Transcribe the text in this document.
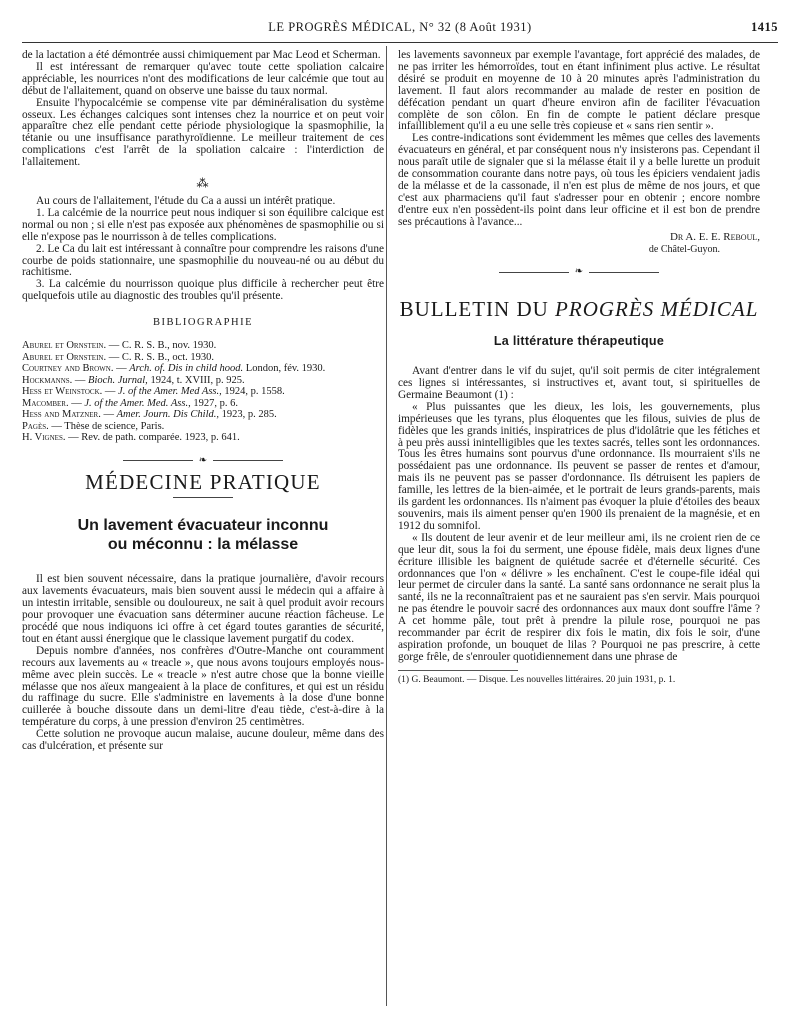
LE PROGRÈS MÉDICAL, N° 32 (8 Août 1931)	1415

de la lactation a été démontrée aussi chimiquement par Mac Leod et Scherman.

Il est intéressant de remarquer qu'avec toute cette spoliation calcaire appréciable, les nourrices n'ont des modifications de leur calcémie que tout au début de l'allaitement, quand on observe une baisse du taux normal.

Ensuite l'hypocalcémie se compense vite par déminéralisation du système osseux. Les échanges calciques sont intenses chez la nourrice et on peut voir apparaître chez elle pendant cette période physiologique la spasmophilie, la tétanie ou une insuffisance parathyroïdienne. Le meilleur traitement de ces complications c'est l'arrêt de la spoliation calcaire : l'interdiction de l'allaitement.

⁂

Au cours de l'allaitement, l'étude du Ca a aussi un intérêt pratique.

1. La calcémie de la nourrice peut nous indiquer si son équilibre calcique est normal ou non ; si elle n'est pas exposée aux phénomènes de spasmophilie ou si elle n'expose pas le nourrisson à de telles complications.

2. Le Ca du lait est intéressant à connaître pour comprendre les raisons d'une courbe de poids stationnaire, une spasmophilie du nouveau-né ou au début du rachitisme.

3. La calcémie du nourrisson quoique plus difficile à rechercher peut être quelquefois utile au diagnostic des troubles qu'il présente.

BIBLIOGRAPHIE

Aburel et Ornstein. — C. R. S. B., nov. 1930.

Aburel et Ornstein. — C. R. S. B., oct. 1930.

Courtney and Brown. — Arch. of. Dis in child hood. London, fév. 1930.

Hockmanns. — Bioch. Jurnal, 1924, t. XVIII, p. 925.

Hess et Weinstock. — J. of the Amer. Med Ass., 1924, p. 1558.

Macomber. — J. of the Amer. Med. Ass., 1927, p. 6.

Hess and Matzner. — Amer. Journ. Dis Child., 1923, p. 285.

Pagès. — Thèse de science, Paris.

H. Vignes. — Rev. de path. comparée. 1923, p. 641.

❧
MÉDECINE PRATIQUE
Un lavement évacuateur inconnu
ou méconnu : la mélasse

Il est bien souvent nécessaire, dans la pratique journalière, d'avoir recours aux lavements évacuateurs, mais bien souvent aussi le médecin qui a affaire à un intestin irritable, sensible ou douloureux, ne sait à quel produit avoir recours pour provoquer une évacuation sans déterminer aucune réaction fâcheuse. Le procédé que nous indiquons ici offre à cet égard toutes garanties de sécurité, tout en étant aussi énergique que le classique lavement purgatif du codex.

Depuis nombre d'années, nos confrères d'Outre-Manche ont couramment recours aux lavements au « treacle », que nous avons toujours employés nous-même avec plein succès. Le « treacle » n'est autre chose que la bonne vieille mélasse que nos aïeux mangeaient à la place de confitures, et qui est un résidu du raffinage du sucre. Elle s'administre en lavements à la dose d'une bonne cuillerée à bouche dissoute dans un demi-litre d'eau tiède, c'est-à-dire à la température du corps, à une pression d'environ 25 centimètres.

Cette solution ne provoque aucun malaise, aucune douleur, même dans des cas d'ulcération, et présente sur

les lavements savonneux par exemple l'avantage, fort apprécié des malades, de ne pas irriter les hémorroïdes, tout en étant infiniment plus active. Le résultat désiré se produit en moyenne de 10 à 20 minutes après l'administration du lavement. Il faut alors recommander au malade de rester en position de défécation pendant un quart d'heure environ afin de faciliter l'évacuation complète de son côlon. En fin de compte le patient déclare presque infailliblement qu'il a eu une selle très copieuse et « sans rien sentir ».

Les contre-indications sont évidemment les mêmes que celles des lavements évacuateurs en général, et par conséquent nous n'y insisterons pas. Cependant il nous paraît utile de signaler que si la mélasse était il y a belle lurette un produit de consommation courante dans notre pays, où tous les épiciers vendaient jadis de la mélasse et de la cassonade, il n'en est plus de même de nos jours, et que c'est aux pharmaciens qu'il faut s'adresser pour en obtenir ; encore nombre d'entre eux n'en possèdent-ils point dans leur officine et il est bon de prendre ses précautions à l'avance...

Dr A. E. E. Reboul,
de Châtel-Guyon.
❧
BULLETIN DU PROGRÈS MÉDICAL
La littérature thérapeutique

Avant d'entrer dans le vif du sujet, qu'il soit permis de citer intégralement ces lignes si intéressantes, si instructives et, avant tout, si spirituelles de Germaine Beaumont (1) :

« Plus puissantes que les dieux, les lois, les gouvernements, plus impérieuses que les tyrans, plus éloquentes que les filous, suivies de plus de fidèles que les grands initiés, inspiratrices de plus d'idolâtrie que les fétiches et à peu près aussi inintelligibles que les textes sacrés, telles sont les ordonnances. Tous les êtres humains sont pourvus d'une ordonnance. Ils mourraient s'ils ne possédaient pas une ordonnance. Ils peuvent se passer de rentes et d'amour, mais ils ne peuvent pas se passer d'ordonnance. Ils détruisent les papiers de famille, les lettres de la bien-aimée, et le portrait de leurs grands-parents, mais ils gardent les ordonnances. Ils n'aiment pas évoquer la pluie d'étoiles des beaux souvenirs, mais ils aiment penser qu'en 1900 ils prenaient de la magnésie, et en 1912 du somnifol.

« Ils doutent de leur avenir et de leur meilleur ami, ils ne croient rien de ce que leur dit, sous la foi du serment, une épouse fidèle, mais deux lignes d'une écriture illisible les baignent de quiétude sacrée et d'éternelle sécurité. Ces ordonnances que l'on « délivre » les enchaînent. C'est le coupe-file idéal qui leur permet de circuler dans la santé. La santé sans ordonnance ne serait plus la santé, ils ne la reconnaîtraient pas et ne sauraient pas s'en servir. Mais pourquoi ne pas étendre le pouvoir sacré des ordonnances aux maux dont souffre l'âme ? A cet homme pâle, tout prêt à prendre la pilule rose, pourquoi ne pas recommander par écrit de respirer dix fois le matin, dix fois le soir, d'une aspiration profonde, un bouquet de lilas ? Pourquoi ne pas prescrire, à cette gorge frêle, de s'enrouler quotidiennement dans une phrase de

(1) G. Beaumont. — Disque. Les nouvelles littéraires. 20 juin 1931, p. 1.
